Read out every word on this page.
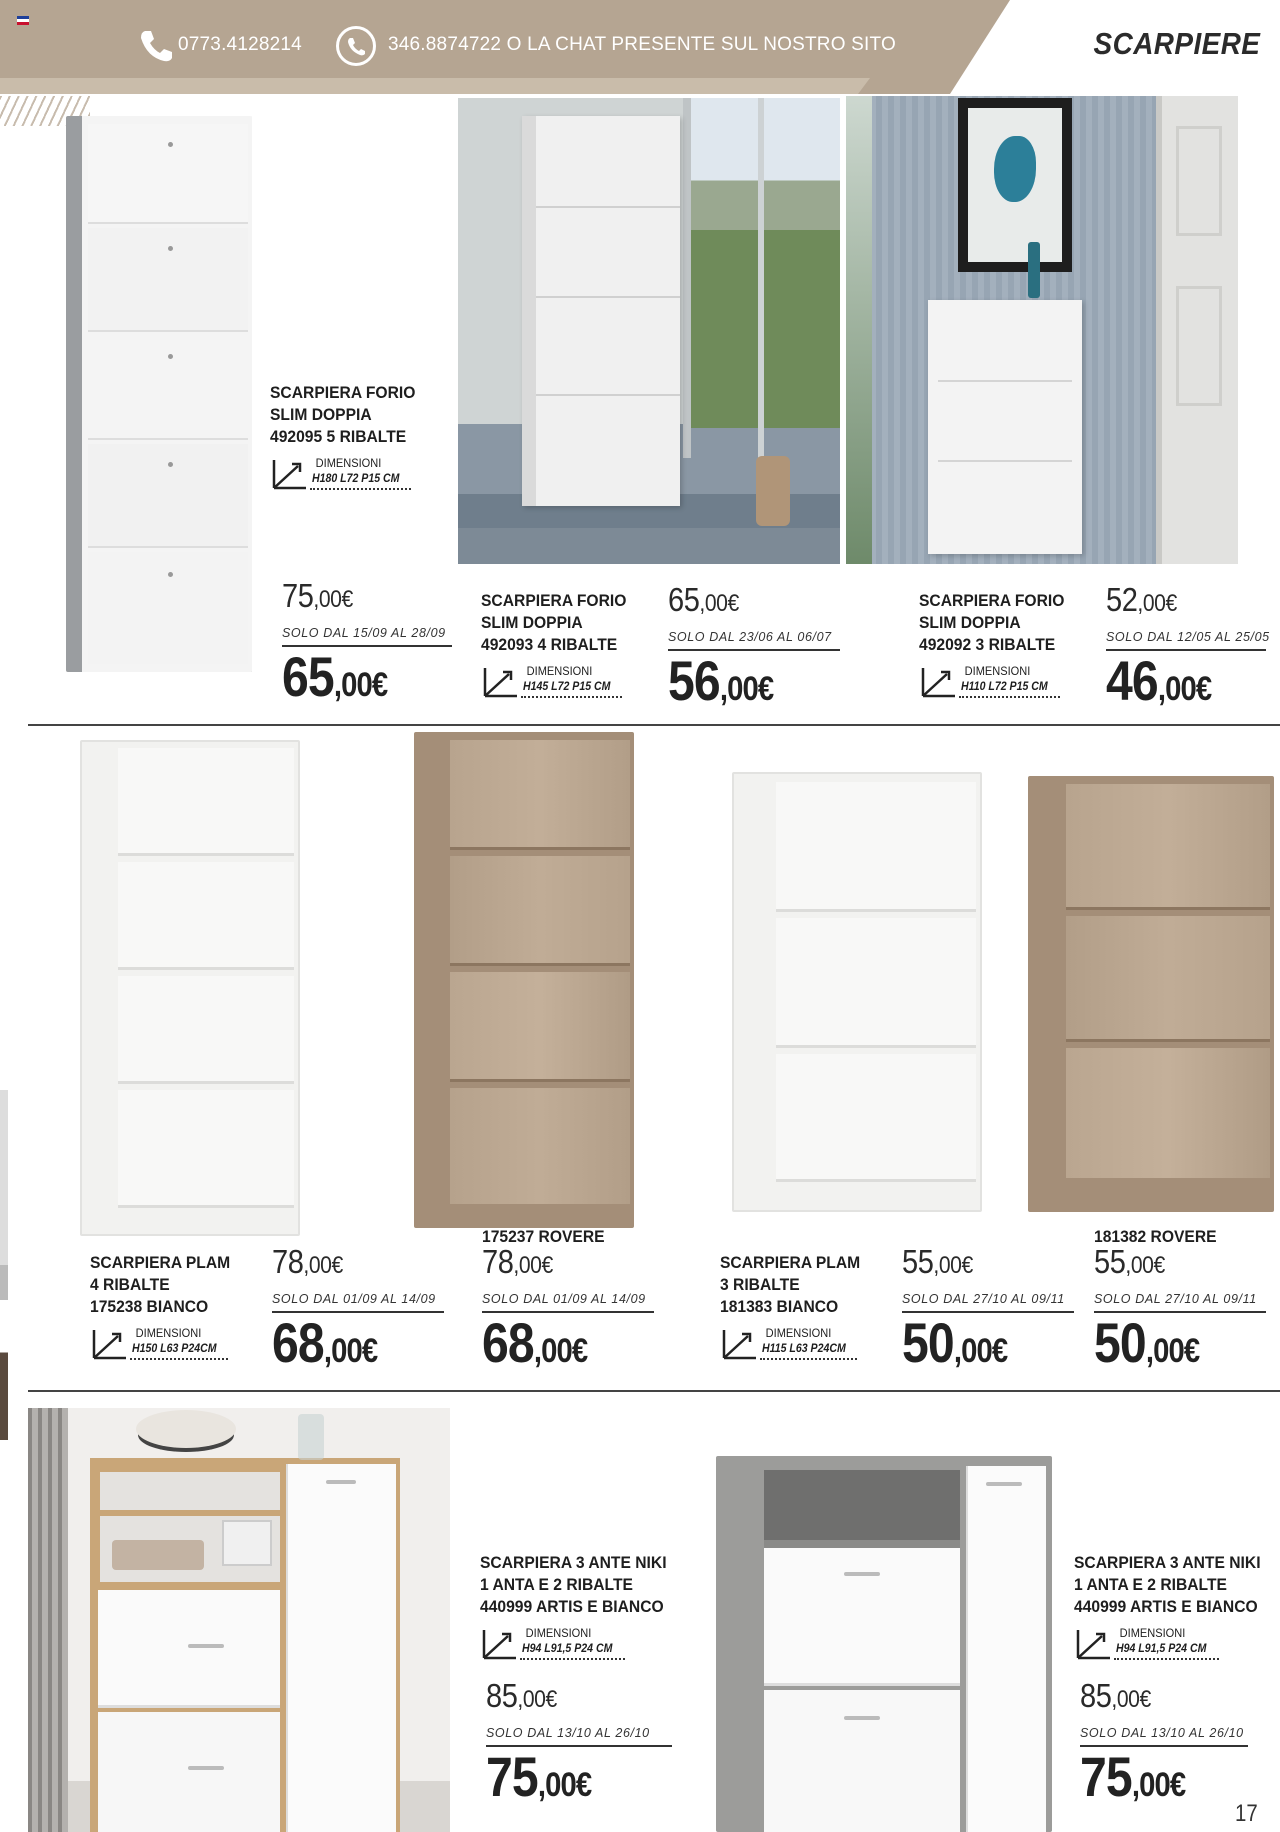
0773.4128214	346.8874722 O LA CHAT PRESENTE SUL NOSTRO SITO	SCARPIERE
SCARPIERA FORIO
SLIM DOPPIA
492095 5 RIBALTE
DIMENSIONI
H180 L72 P15 CM
75,00€
SOLO DAL 15/09 AL 28/09
65,00€
SCARPIERA FORIO
SLIM DOPPIA
492093 4 RIBALTE
DIMENSIONI
H145 L72 P15 CM
65,00€
SOLO DAL 23/06 AL 06/07
56,00€
SCARPIERA FORIO
SLIM DOPPIA
492092 3 RIBALTE
DIMENSIONI
H110 L72 P15 CM
52,00€
SOLO DAL 12/05 AL 25/05
46,00€
SCARPIERA PLAM
4 RIBALTE
175238 BIANCO
DIMENSIONI
H150 L63 P24CM
78,00€
SOLO DAL 01/09 AL 14/09
68,00€
175237 ROVERE
78,00€
SOLO DAL 01/09 AL 14/09
68,00€
SCARPIERA PLAM
3 RIBALTE
181383 BIANCO
DIMENSIONI
H115 L63 P24CM
55,00€
SOLO DAL 27/10 AL 09/11
50,00€
181382 ROVERE
55,00€
SOLO DAL 27/10 AL 09/11
50,00€
SCARPIERA 3 ANTE NIKI
1 ANTA E 2 RIBALTE
440999 ARTIS E BIANCO
DIMENSIONI
H94 L91,5 P24 CM
85,00€
SOLO DAL 13/10 AL 26/10
75,00€
SCARPIERA 3 ANTE NIKI
1 ANTA E 2 RIBALTE
440999 ARTIS E BIANCO
DIMENSIONI
H94 L91,5 P24 CM
85,00€
SOLO DAL 13/10 AL 26/10
75,00€
17
